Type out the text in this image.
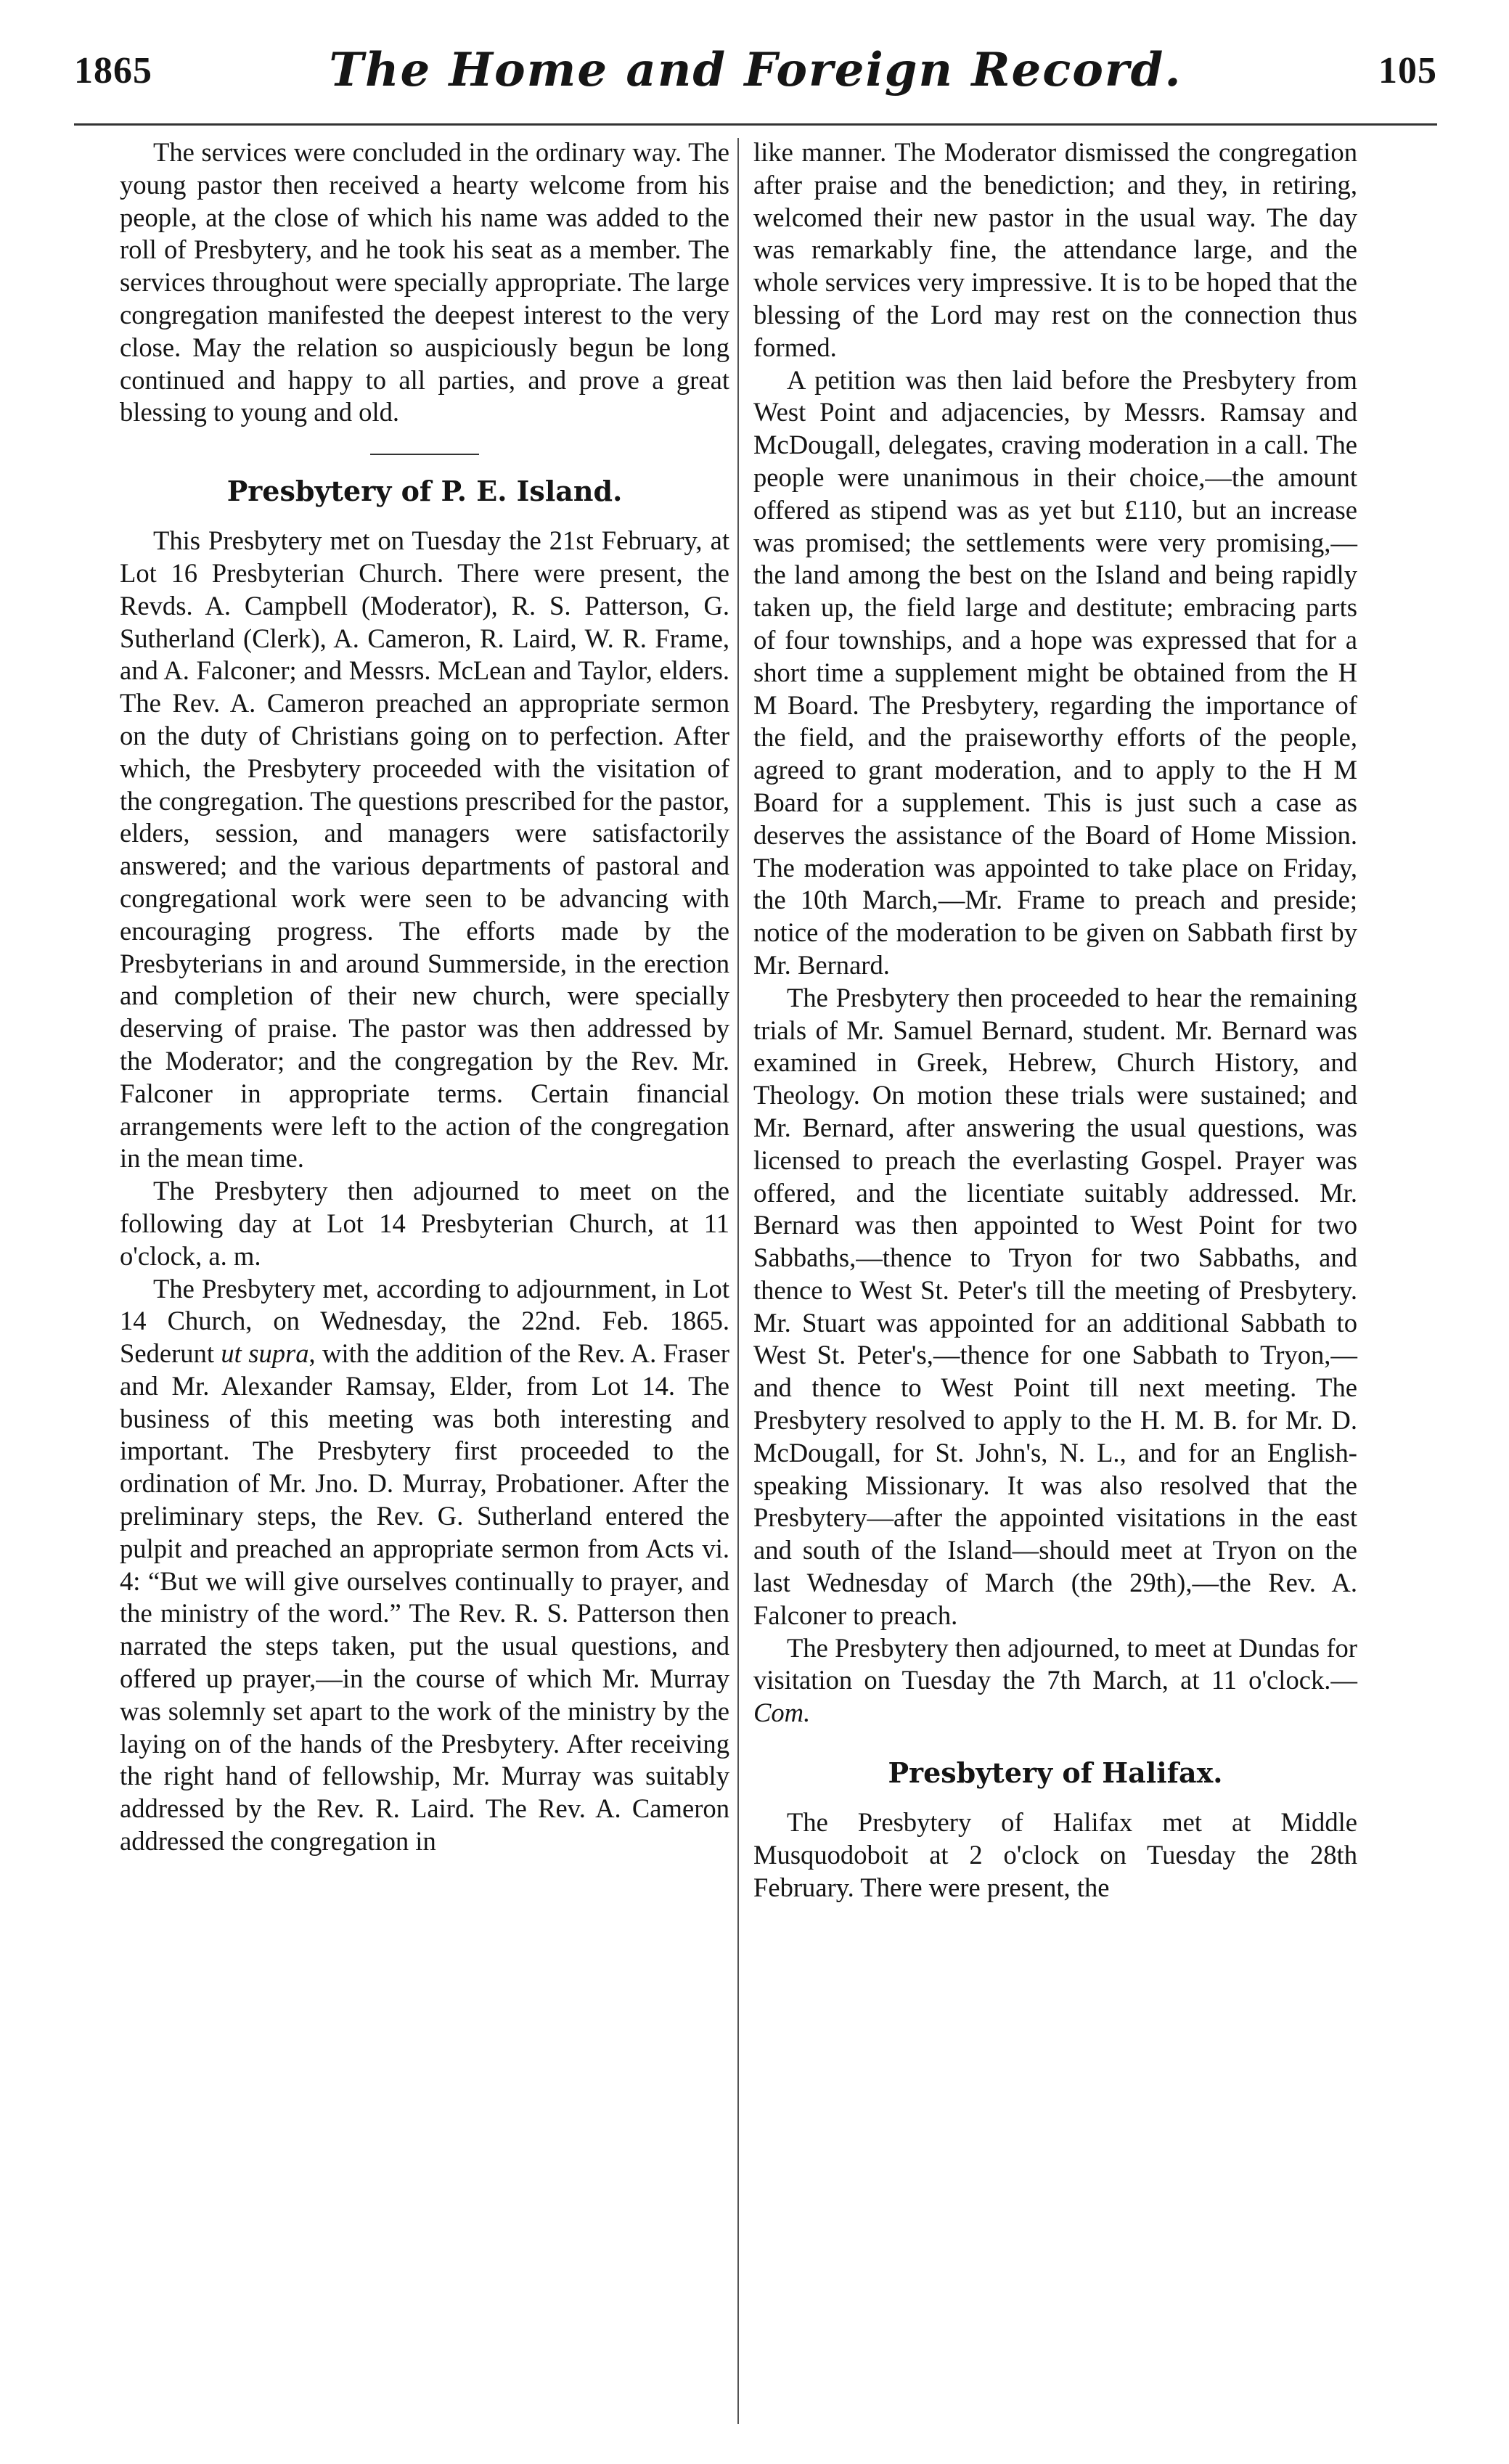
1865	The Home and Foreign Record.	105

The services were concluded in the ordinary way. The young pastor then received a hearty welcome from his people, at the close of which his name was added to the roll of Presbytery, and he took his seat as a member. The services throughout were specially appropriate. The large congregation manifested the deepest interest to the very close. May the relation so auspiciously begun be long continued and happy to all parties, and prove a great blessing to young and old.

Presbytery of P. E. Island.

This Presbytery met on Tuesday the 21st February, at Lot 16 Presbyterian Church. There were present, the Revds. A. Campbell (Moderator), R. S. Patterson, G. Sutherland (Clerk), A. Cameron, R. Laird, W. R. Frame, and A. Falconer; and Messrs. McLean and Taylor, elders. The Rev. A. Cameron preached an appropriate sermon on the duty of Christians going on to perfection. After which, the Presbytery proceeded with the visitation of the congregation. The questions prescribed for the pastor, elders, session, and managers were satisfactorily answered; and the various departments of pastoral and congregational work were seen to be advancing with encouraging progress. The efforts made by the Presbyterians in and around Summerside, in the erection and completion of their new church, were specially deserving of praise. The pastor was then addressed by the Moderator; and the congregation by the Rev. Mr. Falconer in appropriate terms. Certain financial arrangements were left to the action of the congregation in the mean time.

The Presbytery then adjourned to meet on the following day at Lot 14 Presbyterian Church, at 11 o'clock, a. m.

The Presbytery met, according to adjournment, in Lot 14 Church, on Wednesday, the 22nd. Feb. 1865. Sederunt ut supra, with the addition of the Rev. A. Fraser and Mr. Alexander Ramsay, Elder, from Lot 14. The business of this meeting was both interesting and important. The Presbytery first proceeded to the ordination of Mr. Jno. D. Murray, Probationer. After the preliminary steps, the Rev. G. Sutherland entered the pulpit and preached an appropriate sermon from Acts vi. 4: “But we will give ourselves continually to prayer, and the ministry of the word.” The Rev. R. S. Patterson then narrated the steps taken, put the usual questions, and offered up prayer,—in the course of which Mr. Murray was solemnly set apart to the work of the ministry by the laying on of the hands of the Presbytery. After receiving the right hand of fellowship, Mr. Murray was suitably addressed by the Rev. R. Laird. The Rev. A. Cameron addressed the congregation in

like manner. The Moderator dismissed the congregation after praise and the benediction; and they, in retiring, welcomed their new pastor in the usual way. The day was remarkably fine, the attendance large, and the whole services very impressive. It is to be hoped that the blessing of the Lord may rest on the connection thus formed.

A petition was then laid before the Presbytery from West Point and adjacencies, by Messrs. Ramsay and McDougall, delegates, craving moderation in a call. The people were unanimous in their choice,—the amount offered as stipend was as yet but £110, but an increase was promised; the settlements were very promising,—the land among the best on the Island and being rapidly taken up, the field large and destitute; embracing parts of four townships, and a hope was expressed that for a short time a supplement might be obtained from the H M Board. The Presbytery, regarding the importance of the field, and the praiseworthy efforts of the people, agreed to grant moderation, and to apply to the H M Board for a supplement. This is just such a case as deserves the assistance of the Board of Home Mission. The moderation was appointed to take place on Friday, the 10th March,—Mr. Frame to preach and preside; notice of the moderation to be given on Sabbath first by Mr. Bernard.

The Presbytery then proceeded to hear the remaining trials of Mr. Samuel Bernard, student. Mr. Bernard was examined in Greek, Hebrew, Church History, and Theology. On motion these trials were sustained; and Mr. Bernard, after answering the usual questions, was licensed to preach the everlasting Gospel. Prayer was offered, and the licentiate suitably addressed. Mr. Bernard was then appointed to West Point for two Sabbaths,—thence to Tryon for two Sabbaths, and thence to West St. Peter's till the meeting of Presbytery. Mr. Stuart was appointed for an additional Sabbath to West St. Peter's,—thence for one Sabbath to Tryon,—and thence to West Point till next meeting. The Presbytery resolved to apply to the H. M. B. for Mr. D. McDougall, for St. John's, N. L., and for an English-speaking Missionary. It was also resolved that the Presbytery—after the appointed visitations in the east and south of the Island—should meet at Tryon on the last Wednesday of March (the 29th),—the Rev. A. Falconer to preach.

The Presbytery then adjourned, to meet at Dundas for visitation on Tuesday the 7th March, at 11 o'clock.—Com.

Presbytery of Halifax.

The Presbytery of Halifax met at Middle Musquodoboit at 2 o'clock on Tuesday the 28th February. There were present, the
